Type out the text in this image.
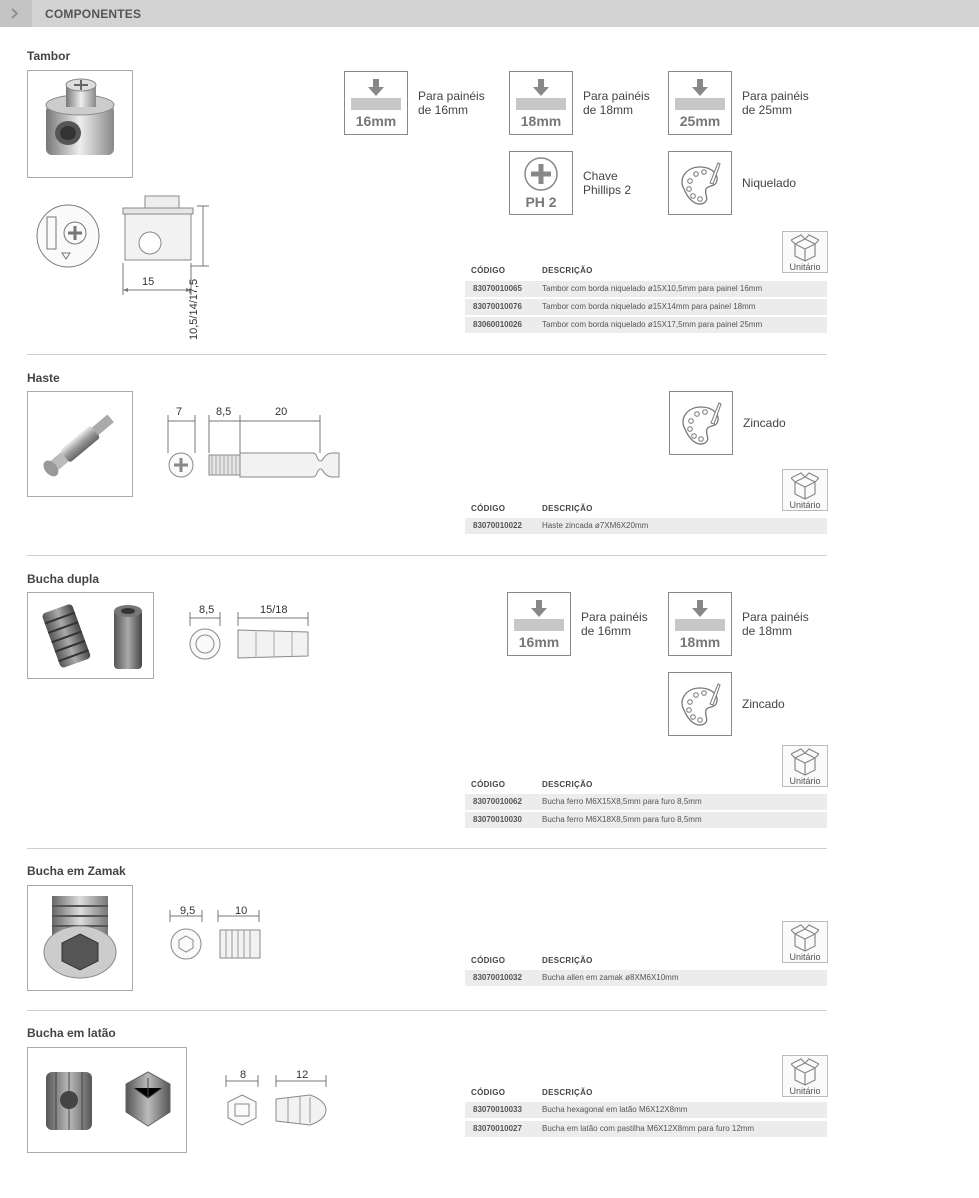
COMPONENTES
Tambor
15	10,5/14/17,5
16mm
Para painéis
de 16mm
18mm
Para painéis
de 18mm
25mm
Para painéis
de 25mm
PH 2
Chave
Phillips 2	Niquelado
Unitário
CÓDIGO	DESCRIÇÃO
83070010065	Tambor com borda niquelado ø15X10,5mm para painel 16mm
83070010076	Tambor com borda niquelado ø15X14mm para painel 18mm
83060010026	Tambor com borda niquelado ø15X17,5mm para painel 25mm
Haste
7	8,5	20
Zincado
Unitário
CÓDIGO	DESCRIÇÃO
83070010022	Haste zincada ø7XM6X20mm
Bucha dupla
8,5	15/18
16mm
Para painéis
de 16mm
18mm
Para painéis
de 18mm
Zincado
Unitário
CÓDIGO	DESCRIÇÃO
83070010062	Bucha ferro M6X15X8,5mm para furo 8,5mm
83070010030	Bucha ferro M6X18X8,5mm para furo 8,5mm
Bucha em Zamak
9,5	10
Unitário
CÓDIGO	DESCRIÇÃO
83070010032	Bucha allen em zamak ø8XM6X10mm
Bucha em latão
8	12
Unitário
CÓDIGO	DESCRIÇÃO
83070010033	Bucha hexagonal em latão M6X12X8mm
83070010027	Bucha em latão com pastilha M6X12X8mm para furo 12mm
